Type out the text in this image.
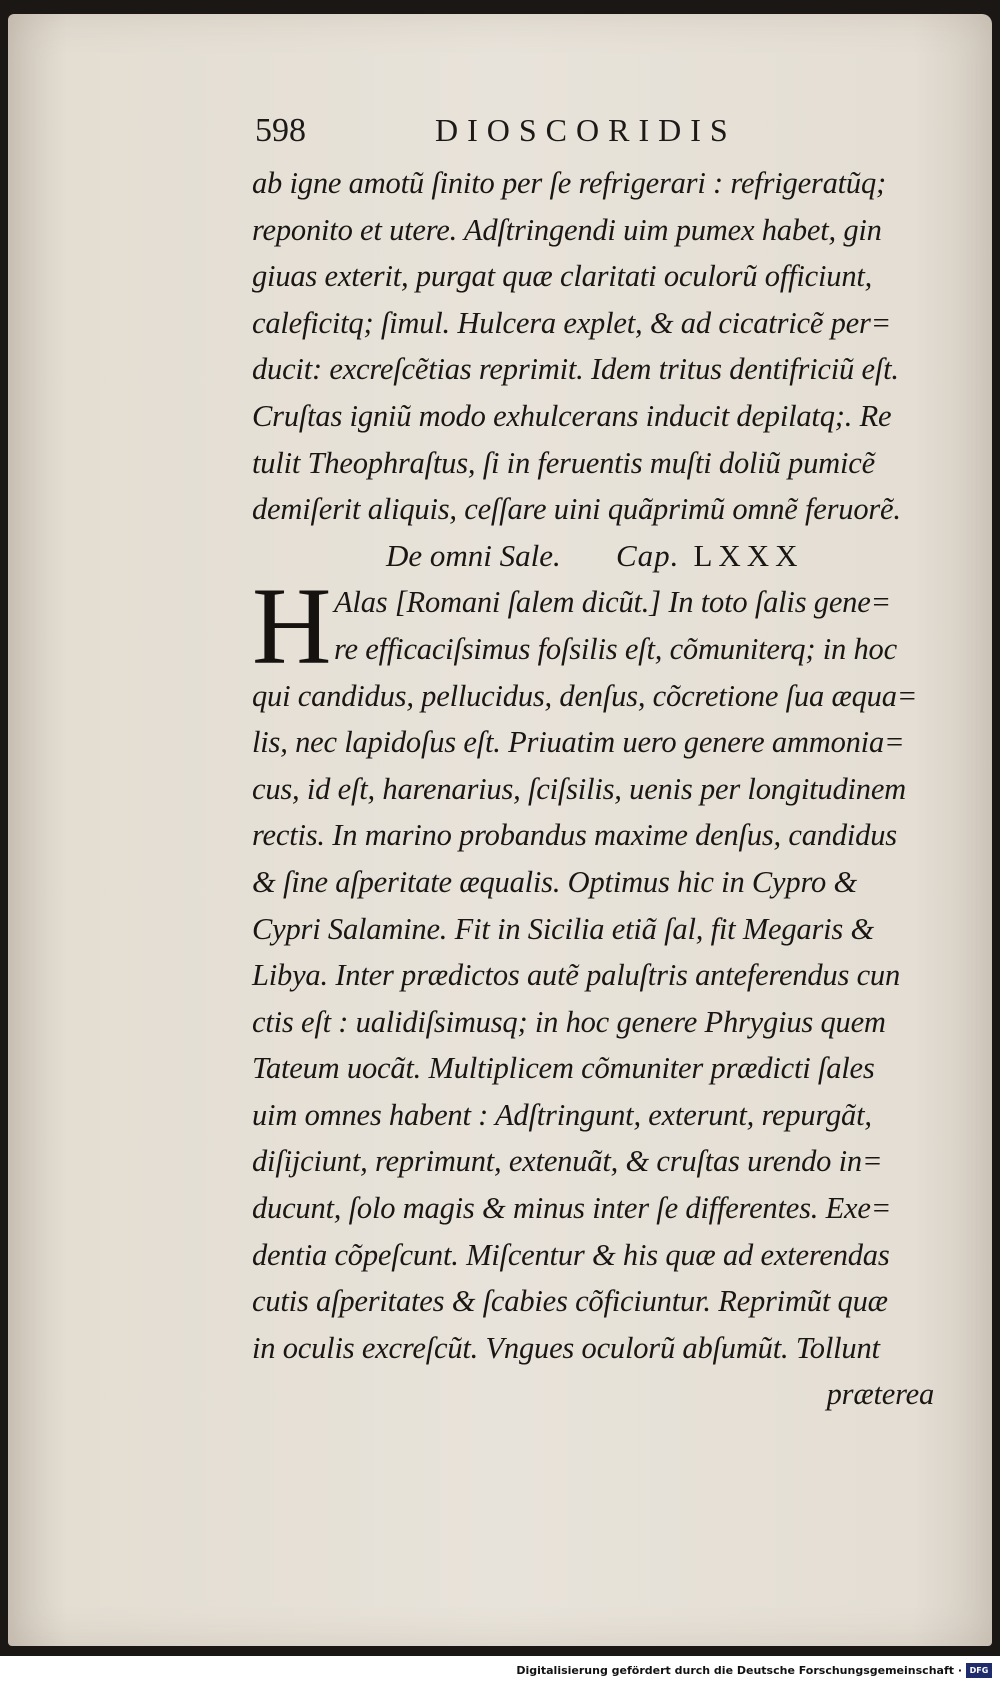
598	DIOSCORIDIS
ab igne amotũ ſinito per ſe refrigerari : refrigeratũq;
reponito et utere. Adſtringendi uim pumex habet, gin
giuas exterit, purgat quæ claritati oculorũ officiunt,
caleficitq; ſimul. Hulcera explet, & ad cicatricẽ per=
ducit: excreſcẽtias reprimit. Idem tritus dentifriciũ eſt.
Cruſtas igniũ modo exhulcerans inducit depilatq;. Re
tulit Theophraſtus, ſi in feruentis muſti doliũ pumicẽ
demiſerit aliquis, ceſſare uini quãprimũ omnẽ feruorẽ.
De omni Sale. Cap. LXXX
H Alas [Romani ſalem dicũt.] In toto ſalis gene=
re efficaciſsimus foſsilis eſt, cõmuniterq; in hoc
qui candidus, pellucidus, denſus, cõcretione ſua æqua=
lis, nec lapidoſus eſt. Priuatim uero genere ammonia=
cus, id eſt, harenarius, ſciſsilis, uenis per longitudinem
rectis. In marino probandus maxime denſus, candidus
& ſine aſperitate æqualis. Optimus hic in Cypro &
Cypri Salamine. Fit in Sicilia etiã ſal, fit Megaris &
Libya. Inter prædictos autẽ paluſtris anteferendus cun
ctis eſt : ualidiſsimusq; in hoc genere Phrygius quem
Tateum uocãt. Multiplicem cõmuniter prædicti ſales
uim omnes habent : Adſtringunt, exterunt, repurgãt,
diſijciunt, reprimunt, extenuãt, & cruſtas urendo in=
ducunt, ſolo magis & minus inter ſe differentes. Exe=
dentia cõpeſcunt. Miſcentur & his quæ ad exterendas
cutis aſperitates & ſcabies cõficiuntur. Reprimũt quæ
in oculis excreſcũt. Vngues oculorũ abſumũt. Tollunt
præterea
Digitalisierung gefördert durch die Deutsche Forschungsgemeinschaft · DFG
